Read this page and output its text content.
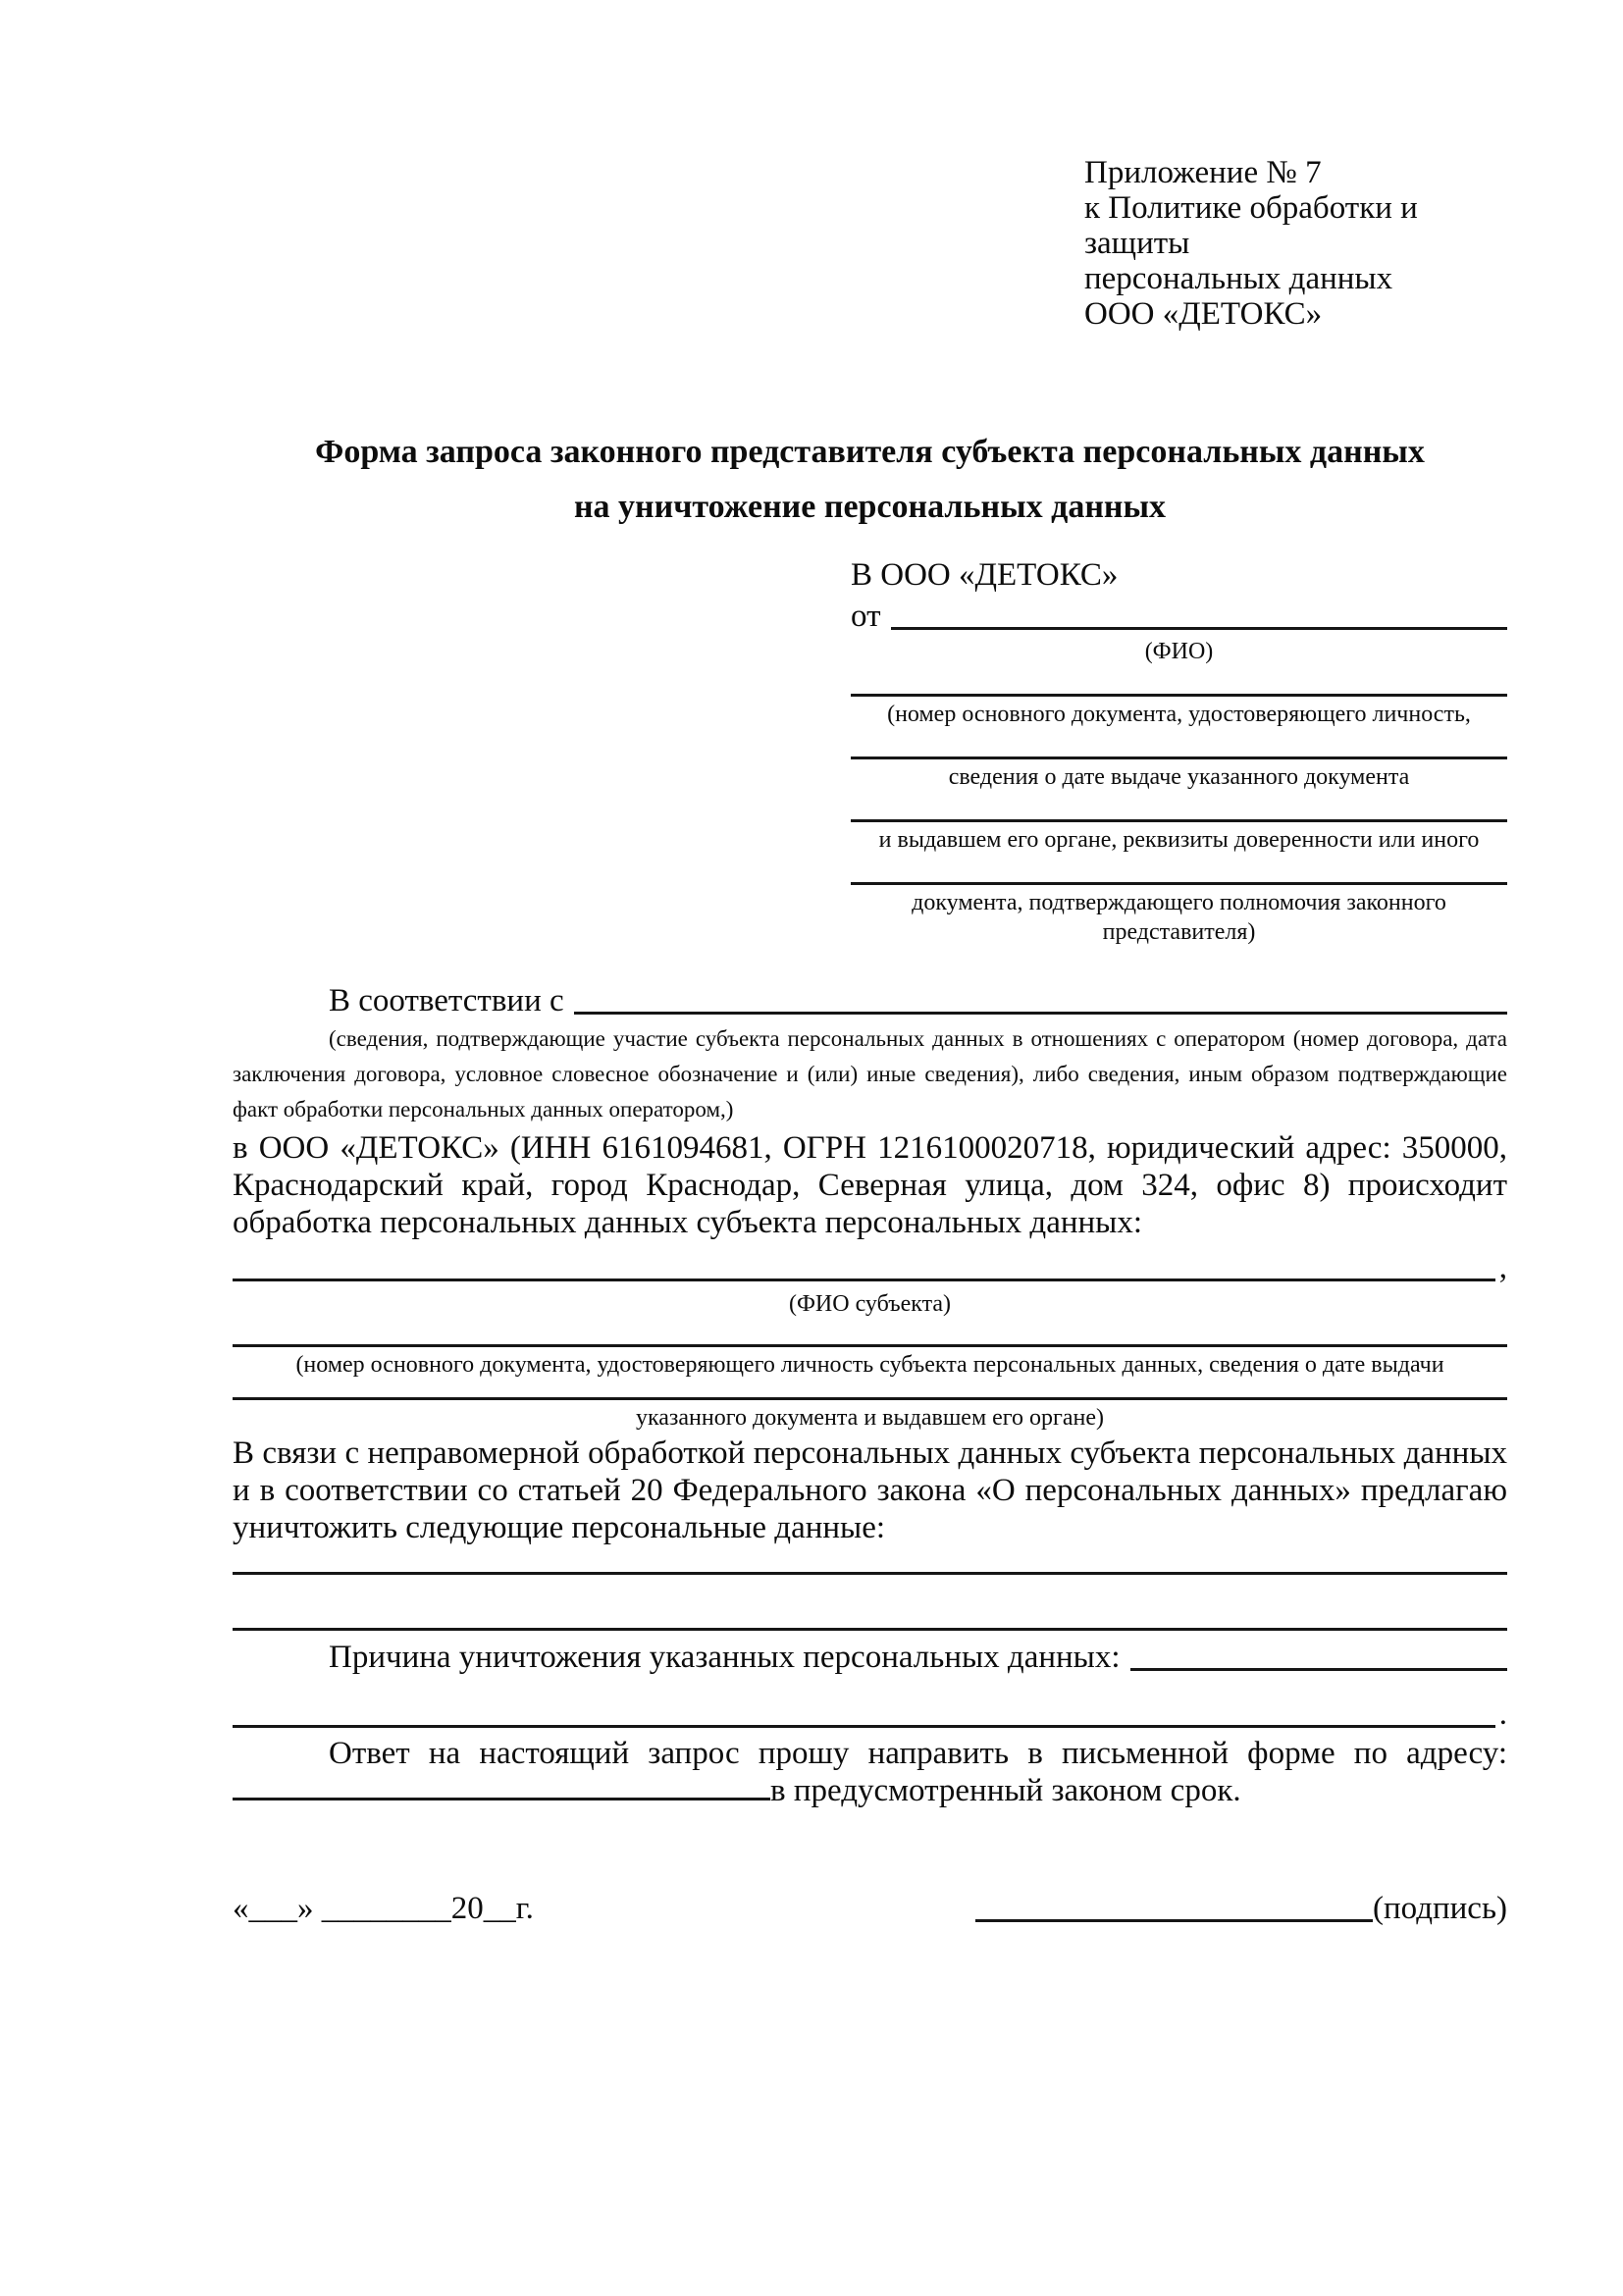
Приложение № 7
к Политике обработки и защиты
персональных данных
ООО «ДЕТОКС»
Форма запроса законного представителя субъекта персональных данных
на уничтожение персональных данных
В ООО «ДЕТОКС»
от
(ФИО)
(номер основного документа, удостоверяющего личность,
сведения о дате выдаче указанного документа
и выдавшем его органе, реквизиты доверенности или иного
документа, подтверждающего полномочия законного представителя)
В соответствии с

(сведения, подтверждающие участие субъекта персональных данных в отношениях с оператором (номер договора, дата заключения договора, условное словесное обозначение и (или) иные сведения), либо сведения, иным образом подтверждающие факт обработки персональных данных оператором,)

в ООО «ДЕТОКС» (ИНН 6161094681, ОГРН 1216100020718, юридический адрес: 350000, Краснодарский край, город Краснодар, Северная улица, дом 324, офис 8) происходит обработка персональных данных субъекта персональных данных:

,
(ФИО субъекта)
(номер основного документа, удостоверяющего личность субъекта персональных данных, сведения о дате выдачи
указанного документа и выдавшем его органе)

В связи с неправомерной обработкой персональных данных субъекта персональных данных и в соответствии со статьей 20 Федерального закона «О персональных данных» предлагаю уничтожить следующие персональные данные:

Причина уничтожения указанных персональных данных:
.

Ответ на настоящий запрос прошу направить в письменной форме по адресу:

в предусмотренный законом срок.
«___» ________20__г.	(подпись)
